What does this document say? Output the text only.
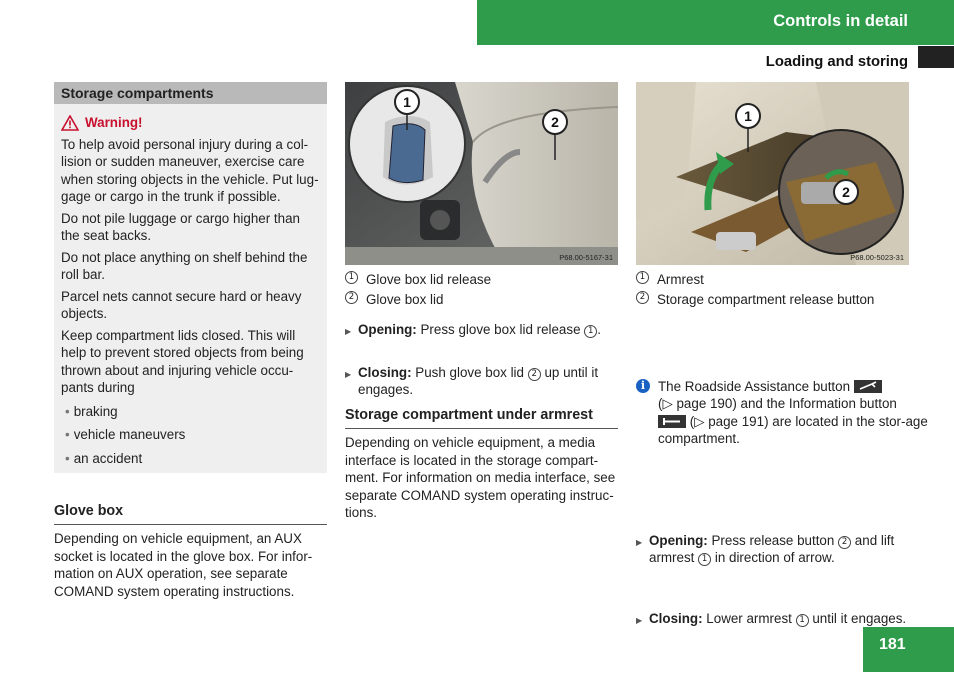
Controls in detail
Loading and storing
Storage compartments
Warning!

To help avoid personal injury during a col-lision or sudden maneuver, exercise care when storing objects in the vehicle. Put lug-gage or cargo in the trunk if possible.

Do not pile luggage or cargo higher than the seat backs.

Do not place anything on shelf behind the roll bar.

Parcel nets cannot secure hard or heavy objects.

Keep compartment lids closed. This will help to prevent stored objects from being thrown about and injuring vehicle occu-pants during

• braking
• vehicle maneuvers
• an accident
Glove box

Depending on vehicle equipment, an AUX socket is located in the glove box. For infor-mation on AUX operation, see separate COMAND system operating instructions.

1
2
P68.00-5167-31
1 Glove box lid release
2 Glove box lid
▶ Opening: Press glove box lid release 1 .
▶ Closing: Push glove box lid 2 up until it engages.
Storage compartment under armrest

Depending on vehicle equipment, a media interface is located in the storage compart-ment. For information on media interface, see separate COMAND system operating instruc-tions.

1
2
P68.00-5023-31
1 Armrest
2 Storage compartment release button
i The Roadside Assistance button

(▷ page 190) and the Information button

(▷ page 191) are located in the stor-age compartment.
▶ Opening: Press release button 2 and lift armrest 1 in direction of arrow.
▶ Closing: Lower armrest 1 until it engages.
181
